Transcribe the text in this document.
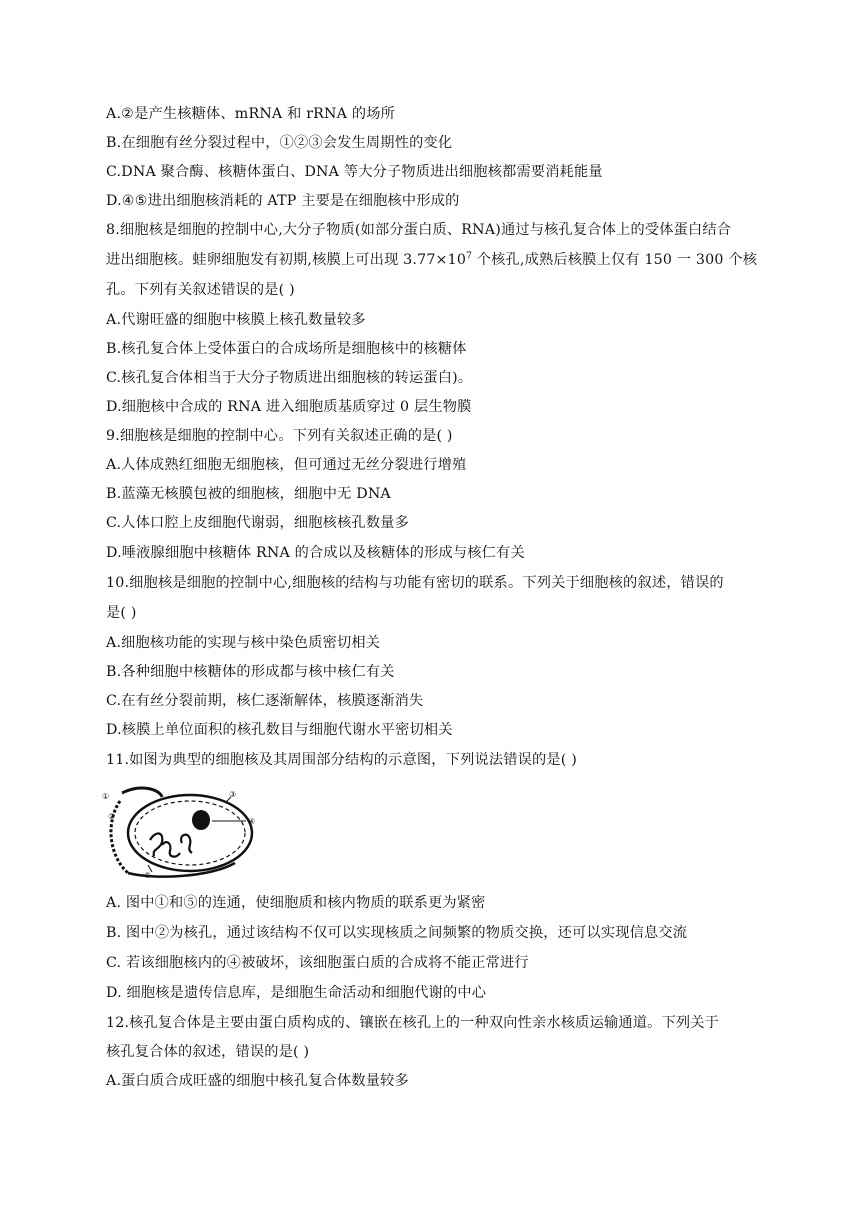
A.②是产生核糖体、mRNA 和 rRNA 的场所
B.在细胞有丝分裂过程中，①②③会发生周期性的变化
C.DNA 聚合酶、核糖体蛋白、DNA 等大分子物质进出细胞核都需要消耗能量
D.④⑤进出细胞核消耗的 ATP 主要是在细胞核中形成的
8.细胞核是细胞的控制中心,大分子物质(如部分蛋白质、RNA)通过与核孔复合体上的受体蛋白结合
进出细胞核。蛙卵细胞发有初期,核膜上可出现 $3.77\times 10^7$ 个核孔,成熟后核膜上仅有 150 一 300 个核
孔。下列有关叙述错误的是( )
A.代谢旺盛的细胞中核膜上核孔数量较多
B.核孔复合体上受体蛋白的合成场所是细胞核中的核糖体
C.核孔复合体相当于大分子物质进出细胞核的转运蛋白)。
D.细胞核中合成的 RNA 进入细胞质基质穿过 0 层生物膜
9.细胞核是细胞的控制中心。下列有关叙述正确的是( )
A.人体成熟红细胞无细胞核，但可通过无丝分裂进行增殖
B.蓝藻无核膜包被的细胞核，细胞中无 DNA
C.人体口腔上皮细胞代谢弱，细胞核核孔数量多
D.唾液腺细胞中核糖体 RNA 的合成以及核糖体的形成与核仁有关
10.细胞核是细胞的控制中心,细胞核的结构与功能有密切的联系。下列关于细胞核的叙述，错误的
是( )
A.细胞核功能的实现与核中染色质密切相关
B.各种细胞中核糖体的形成都与核中核仁有关
C.在有丝分裂前期，核仁逐渐解体，核膜逐渐消失
D.核膜上单位面积的核孔数目与细胞代谢水平密切相关
11.如图为典型的细胞核及其周围部分结构的示意图，下列说法错误的是( )
①
②
③
④
⑤
A. 图中①和⑤的连通，使细胞质和核内物质的联系更为紧密
B. 图中②为核孔，通过该结构不仅可以实现核质之间频繁的物质交换，还可以实现信息交流
C. 若该细胞核内的④被破坏，该细胞蛋白质的合成将不能正常进行
D. 细胞核是遗传信息库，是细胞生命活动和细胞代谢的中心
12.核孔复合体是主要由蛋白质构成的、镶嵌在核孔上的一种双向性亲水核质运输通道。下列关于
核孔复合体的叙述，错误的是( )
A.蛋白质合成旺盛的细胞中核孔复合体数量较多
